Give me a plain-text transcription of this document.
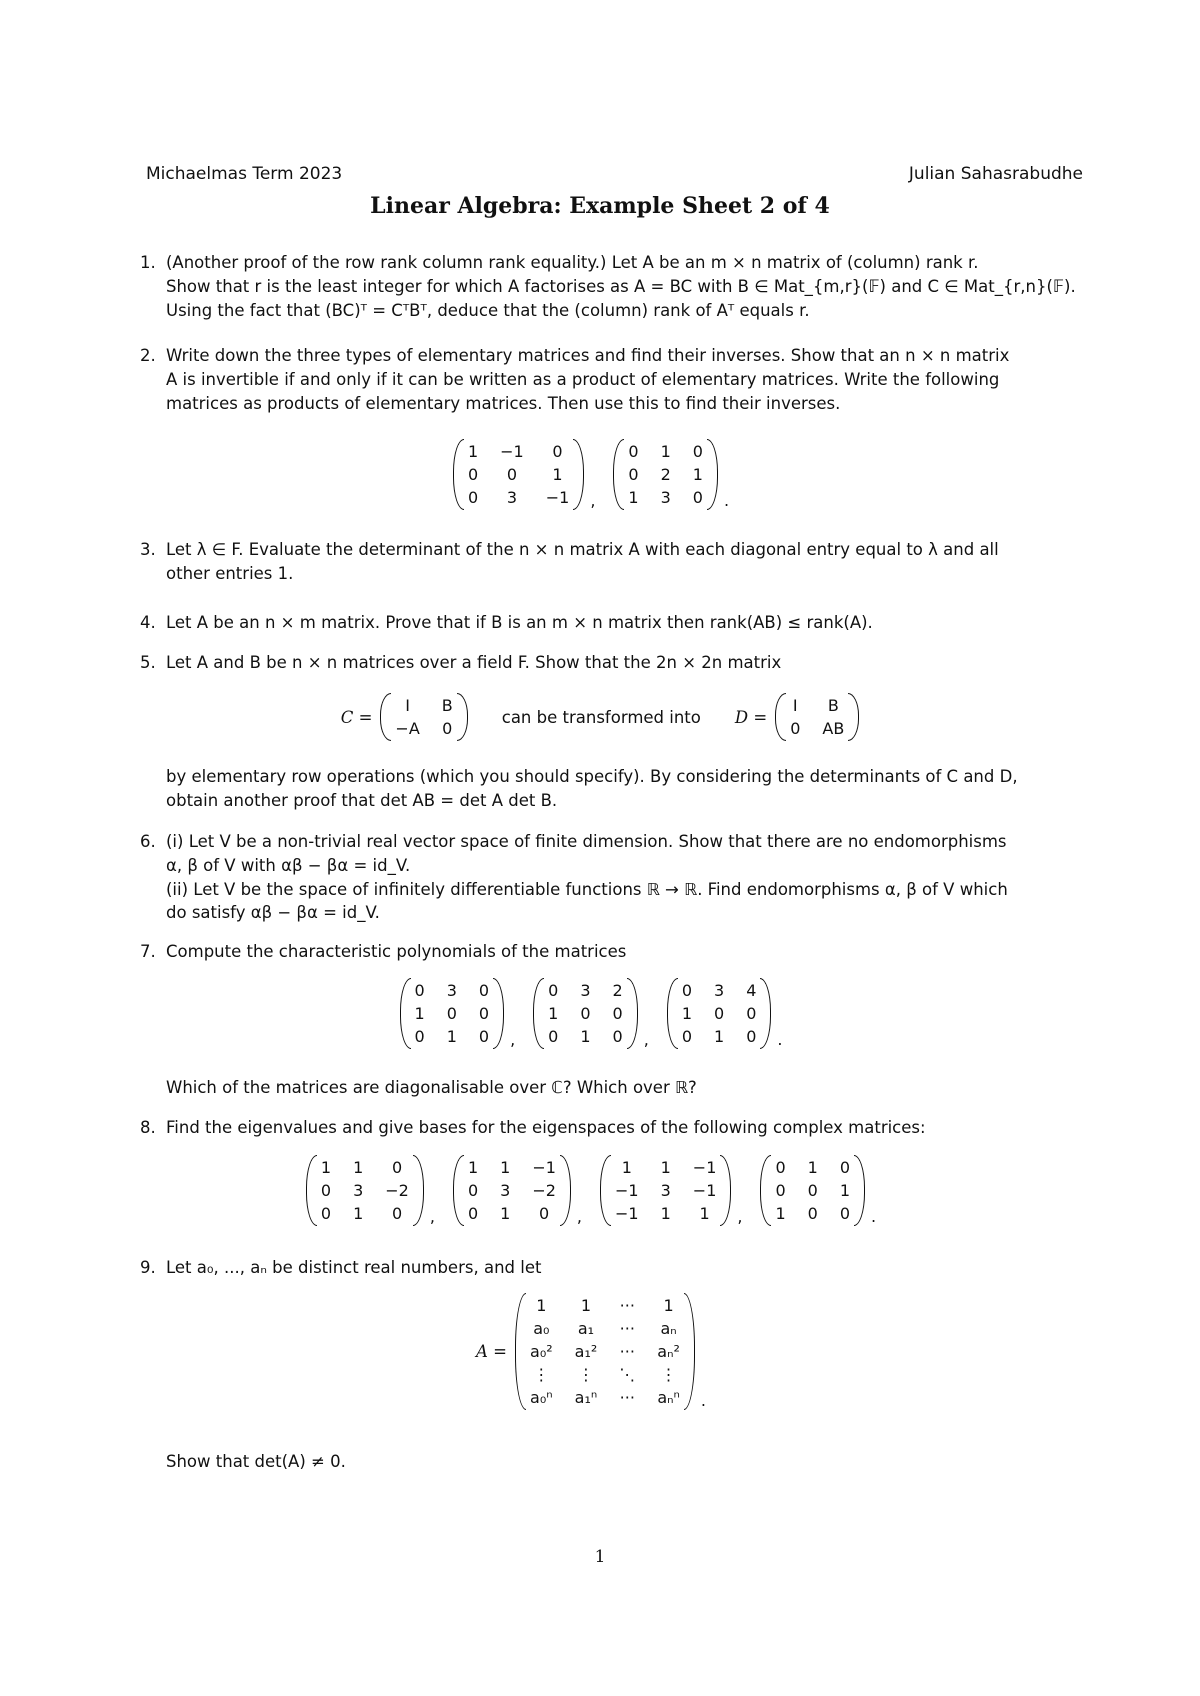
Michaelmas Term 2023	Julian Sahasrabudhe
Linear Algebra: Example Sheet 2 of 4
1. (Another proof of the row rank column rank equality.) Let A be an m × n matrix of (column) rank r.
Show that r is the least integer for which A factorises as A = BC with B ∈ Mat_{m,r}(𝔽) and C ∈ Mat_{r,n}(𝔽).
Using the fact that (BC)ᵀ = CᵀBᵀ, deduce that the (column) rank of Aᵀ equals r.
2. Write down the three types of elementary matrices and find their inverses. Show that an n × n matrix
A is invertible if and only if it can be written as a product of elementary matrices. Write the following
matrices as products of elementary matrices. Then use this to find their inverses.
1 −1	0
0	0	1
0	3	−1 ,
0 1 0
0 2 1
1 3 0 .
3. Let λ ∈ F. Evaluate the determinant of the n × n matrix A with each diagonal entry equal to λ and all
other entries 1.
4. Let A be an n × m matrix. Prove that if B is an m × n matrix then rank(AB) ≤ rank(A).
5. Let A and B be n × n matrices over a field F. Show that the 2n × 2n matrix
C =
I	B
−A 0
can be transformed into D =
I	B
0 AB
by elementary row operations (which you should specify). By considering the determinants of C and D,
obtain another proof that det AB = det A det B.
6. (i) Let V be a non-trivial real vector space of finite dimension. Show that there are no endomorphisms
α, β of V with αβ − βα = id_V.
(ii) Let V be the space of infinitely differentiable functions ℝ → ℝ. Find endomorphisms α, β of V which
do satisfy αβ − βα = id_V.
7. Compute the characteristic polynomials of the matrices
0 3 0
1 0 0
0 1 0 ,
0 3 2
1 0 0
0 1 0 ,
0 3 4
1 0 0
0 1 0 .
Which of the matrices are diagonalisable over ℂ? Which over ℝ?
8. Find the eigenvalues and give bases for the eigenspaces of the following complex matrices:
1 1	0
0 3 −2
0 1	0	,
1 1 −1
0 3 −2
0 1	0	,
1	1 −1
−1 3 −1
−1 1	1	,
0 1 0
0 0 1
1 0 0 .
9. Let a₀, ..., aₙ be distinct real numbers, and let
A =
1	1	···	1
a₀ a₁ ··· aₙ
a₀² a₁² ··· aₙ²
⋮ ⋮ ⋱ ⋮
a₀ⁿ a₁ⁿ ··· aₙⁿ .
Show that det(A) ≠ 0.
1
